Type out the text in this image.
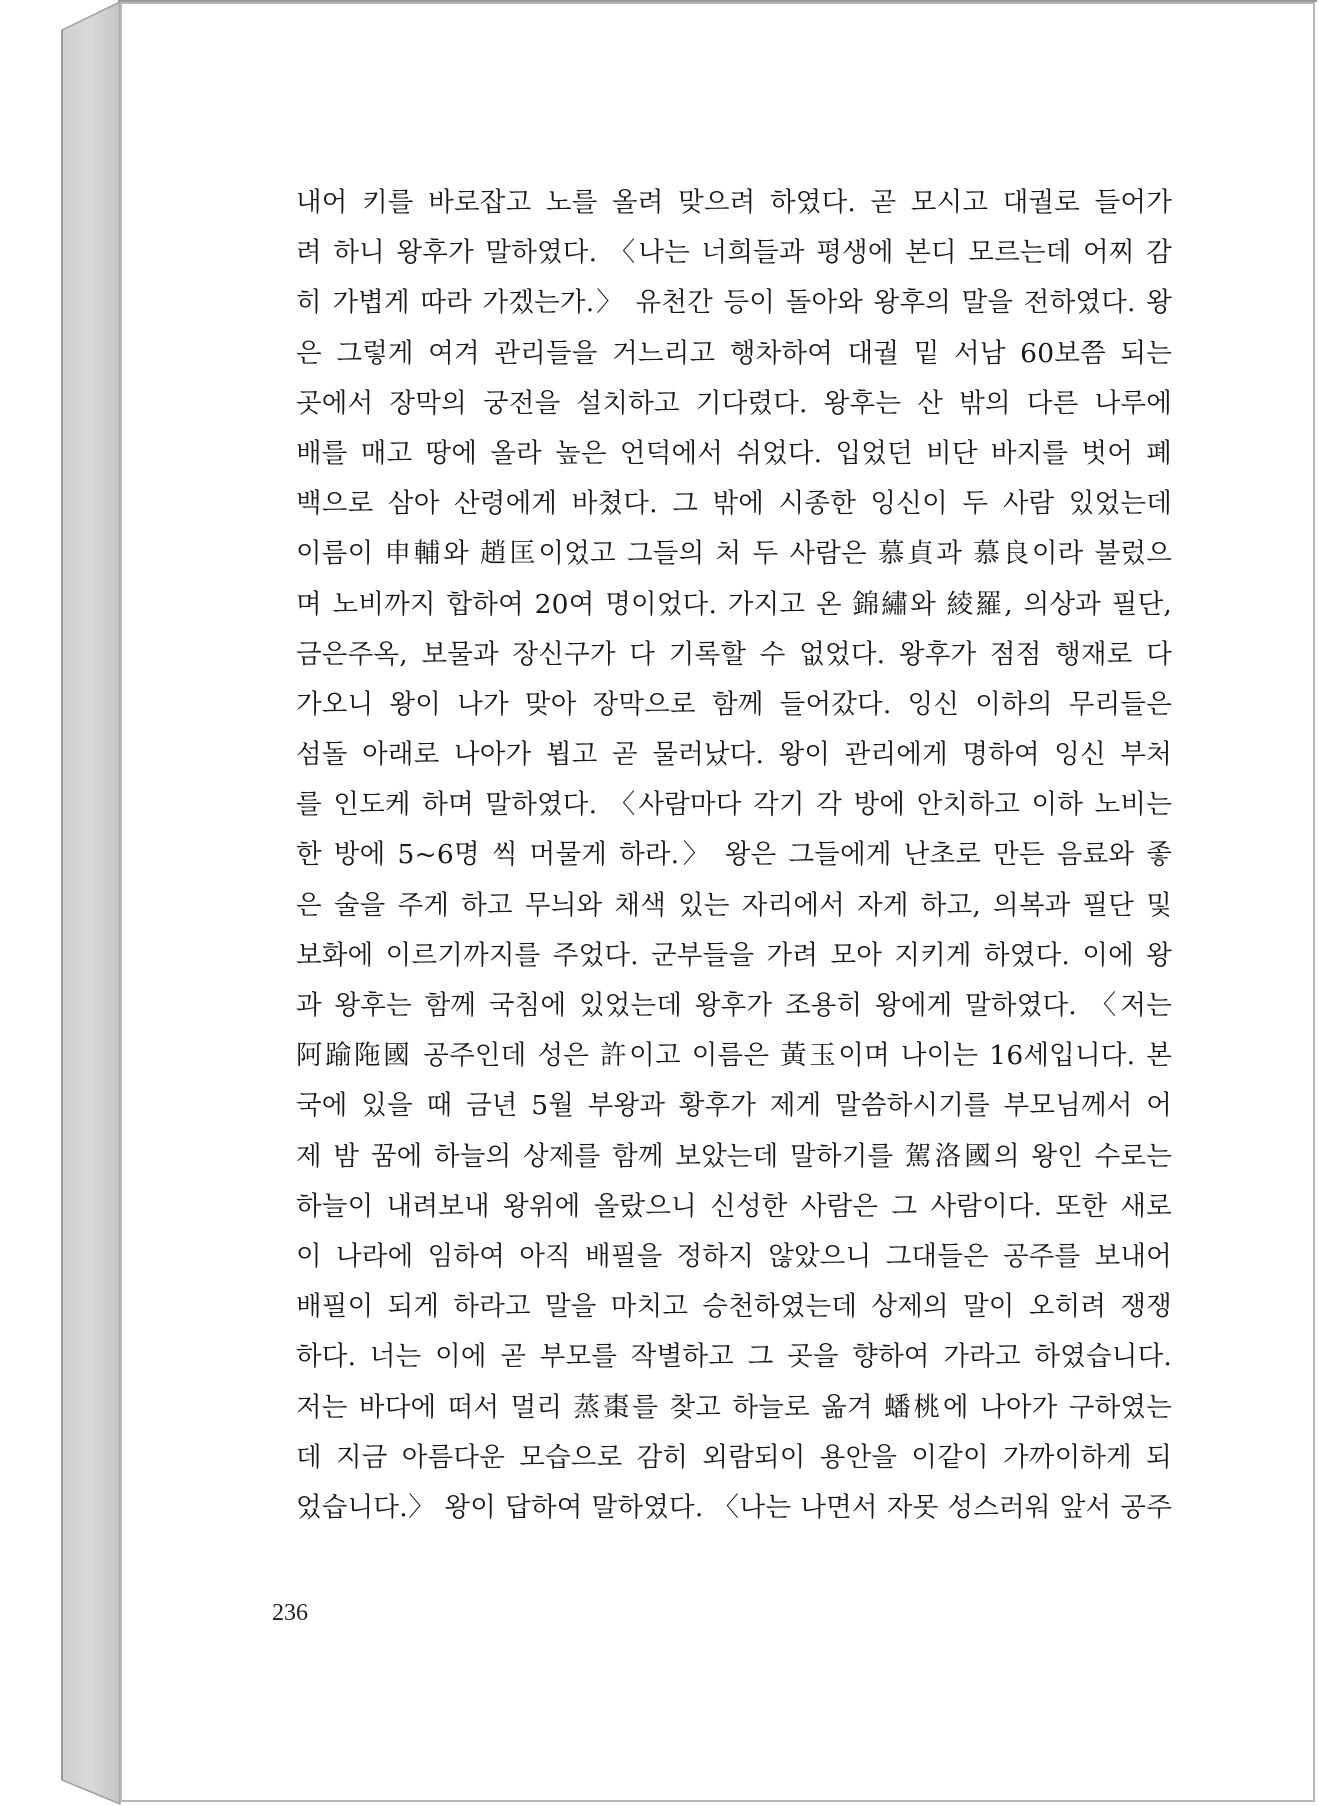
내어 키를 바로잡고 노를 올려 맞으려 하였다. 곧 모시고 대궐로 들어가
려 하니 왕후가 말하였다. 〈나는 너희들과 평생에 본디 모르는데 어찌 감
히 가볍게 따라 가겠는가.〉 유천간 등이 돌아와 왕후의 말을 전하였다. 왕
은 그렇게 여겨 관리들을 거느리고 행차하여 대궐 밑 서남 60보쯤 되는
곳에서 장막의 궁전을 설치하고 기다렸다. 왕후는 산 밖의 다른 나루에
배를 매고 땅에 올라 높은 언덕에서 쉬었다. 입었던 비단 바지를 벗어 폐
백으로 삼아 산령에게 바쳤다. 그 밖에 시종한 잉신이 두 사람 있었는데
이름이 申輔와 趙匡이었고 그들의 처 두 사람은 慕貞과 慕良이라 불렀으
며 노비까지 합하여 20여 명이었다. 가지고 온 錦繡와 綾羅, 의상과 필단,
금은주옥, 보물과 장신구가 다 기록할 수 없었다. 왕후가 점점 행재로 다
가오니 왕이 나가 맞아 장막으로 함께 들어갔다. 잉신 이하의 무리들은
섬돌 아래로 나아가 뵙고 곧 물러났다. 왕이 관리에게 명하여 잉신 부처
를 인도케 하며 말하였다. 〈사람마다 각기 각 방에 안치하고 이하 노비는
한 방에 5~6명 씩 머물게 하라.〉 왕은 그들에게 난초로 만든 음료와 좋
은 술을 주게 하고 무늬와 채색 있는 자리에서 자게 하고, 의복과 필단 및
보화에 이르기까지를 주었다. 군부들을 가려 모아 지키게 하였다. 이에 왕
과 왕후는 함께 국침에 있었는데 왕후가 조용히 왕에게 말하였다. 〈저는
阿踰陁國 공주인데 성은 許이고 이름은 黃玉이며 나이는 16세입니다. 본
국에 있을 때 금년 5월 부왕과 황후가 제게 말씀하시기를 부모님께서 어
제 밤 꿈에 하늘의 상제를 함께 보았는데 말하기를 駕洛國의 왕인 수로는
하늘이 내려보내 왕위에 올랐으니 신성한 사람은 그 사람이다. 또한 새로
이 나라에 임하여 아직 배필을 정하지 않았으니 그대들은 공주를 보내어
배필이 되게 하라고 말을 마치고 승천하였는데 상제의 말이 오히려 쟁쟁
하다. 너는 이에 곧 부모를 작별하고 그 곳을 향하여 가라고 하였습니다.
저는 바다에 떠서 멀리 蒸棗를 찾고 하늘로 옮겨 蟠桃에 나아가 구하였는
데 지금 아름다운 모습으로 감히 외람되이 용안을 이같이 가까이하게 되
었습니다.〉 왕이 답하여 말하였다. 〈나는 나면서 자못 성스러워 앞서 공주
236
